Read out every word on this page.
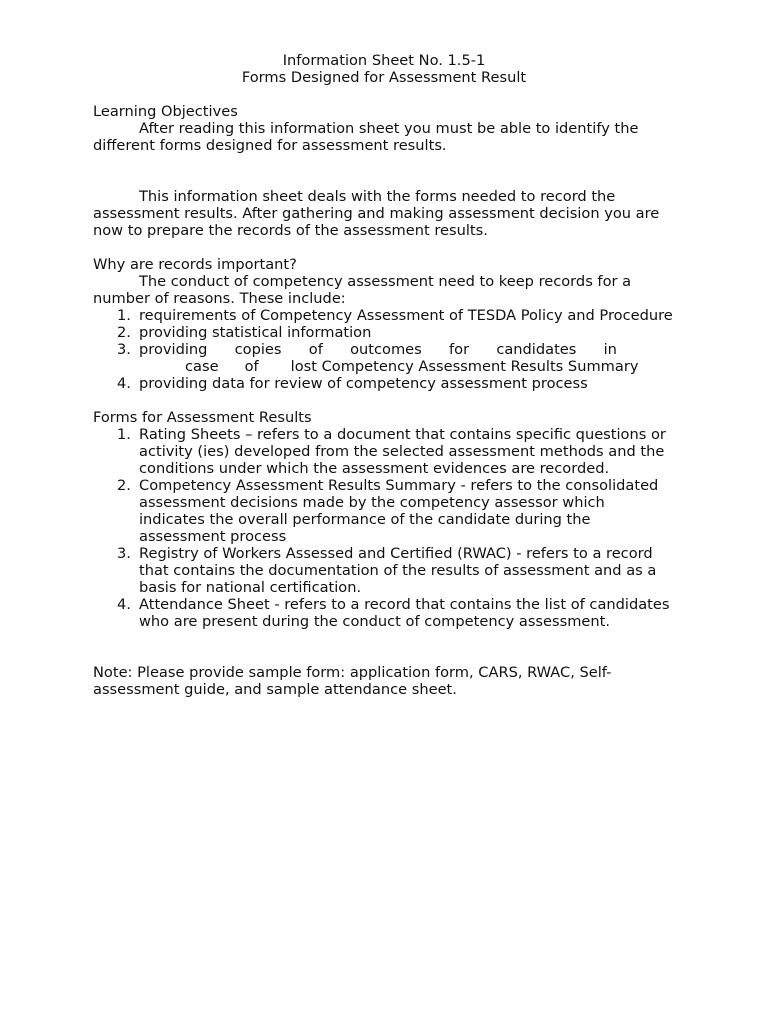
Information Sheet No. 1.5-1
Forms Designed for Assessment Result
Learning Objectives
After reading this information sheet you must be able to identify the different forms designed for assessment results.
This information sheet deals with the forms needed to record the assessment results. After gathering and making assessment decision you are now to prepare the records of the assessment results.
Why are records important?
The conduct of competency assessment need to keep records for a number of reasons. These include:
1. requirements of Competency Assessment of TESDA Policy and Procedure
2. providing statistical information
3. providing copies of outcomes for candidates in
case of lost Competency Assessment Results Summary
4. providing data for review of competency assessment process
Forms for Assessment Results
1. Rating Sheets – refers to a document that contains specific questions or activity (ies) developed from the selected assessment methods and the conditions under which the assessment evidences are recorded.
2. Competency Assessment Results Summary - refers to the consolidated assessment decisions made by the competency assessor which indicates the overall performance of the candidate during the assessment process
3. Registry of Workers Assessed and Certified (RWAC) - refers to a record that contains the documentation of the results of assessment and as a basis for national certification.
4. Attendance Sheet - refers to a record that contains the list of candidates who are present during the conduct of competency assessment.
Note: Please provide sample form: application form, CARS, RWAC, Self-assessment guide, and sample attendance sheet.
